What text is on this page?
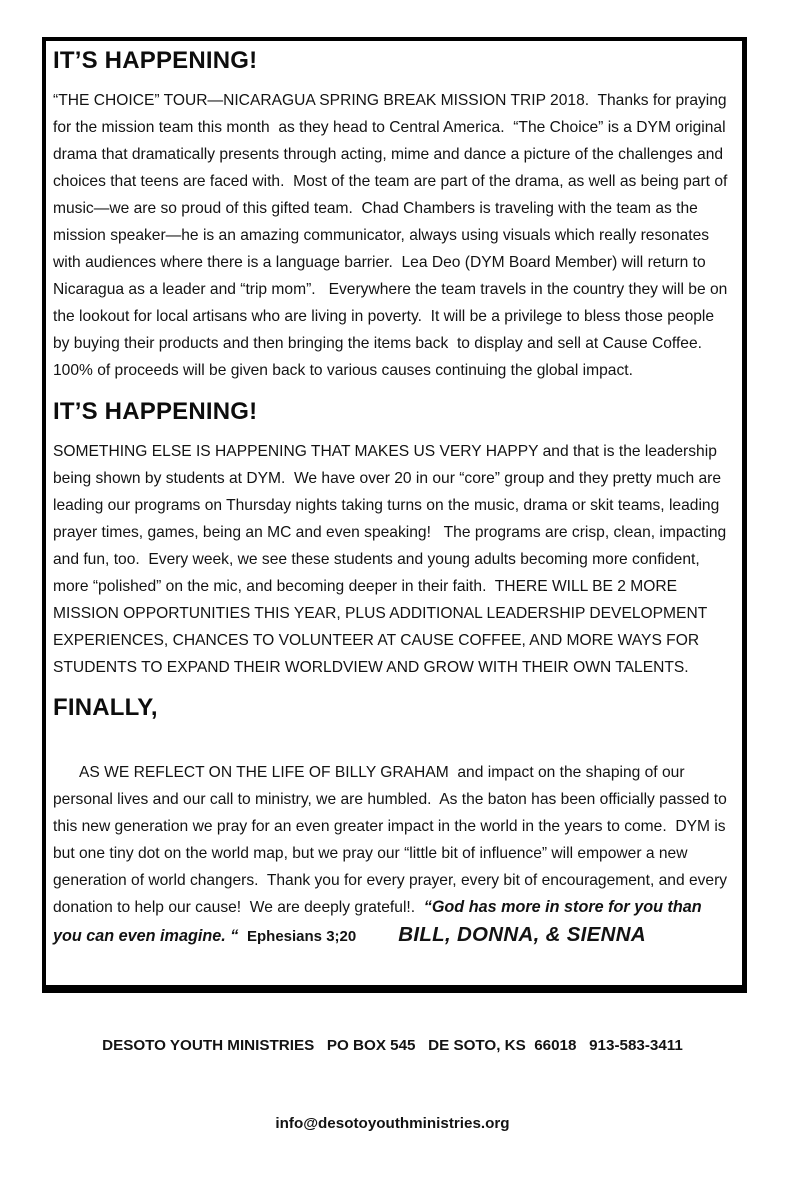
IT’S HAPPENING!

“THE CHOICE” TOUR—NICARAGUA SPRING BREAK MISSION TRIP 2018.  Thanks for praying for the mission team this month  as they head to Central America.  “The Choice” is a DYM original drama that dramatically presents through acting, mime and dance a picture of the challenges and choices that teens are faced with.  Most of the team are part of the drama, as well as being part of music—we are so proud of this gifted team.  Chad Chambers is traveling with the team as the mission speaker—he is an amazing communicator, always using visuals which really resonates with audiences where there is a language barrier.  Lea Deo (DYM Board Member) will return to Nicaragua as a leader and “trip mom”.   Everywhere the team travels in the country they will be on the lookout for local artisans who are living in poverty.  It will be a privilege to bless those people by buying their products and then bringing the items back  to display and sell at Cause Coffee.  100% of proceeds will be given back to various causes continuing the global impact.

IT’S HAPPENING!

SOMETHING ELSE IS HAPPENING THAT MAKES US VERY HAPPY and that is the leadership being shown by students at DYM.  We have over 20 in our “core” group and they pretty much are leading our programs on Thursday nights taking turns on the music, drama or skit teams, leading prayer times, games, being an MC and even speaking!   The programs are crisp, clean, impacting and fun, too.  Every week, we see these students and young adults becoming more confident, more “polished” on the mic, and becoming deeper in their faith.  THERE WILL BE 2 MORE MISSION OPPORTUNITIES THIS YEAR, PLUS ADDITIONAL LEADERSHIP DEVELOPMENT EXPERIENCES, CHANCES TO VOLUNTEER AT CAUSE COFFEE, AND MORE WAYS FOR STUDENTS TO EXPAND THEIR WORLDVIEW AND GROW WITH THEIR OWN TALENTS.

FINALLY,

AS WE REFLECT ON THE LIFE OF BILLY GRAHAM  and impact on the shaping of our personal lives and our call to ministry, we are humbled.  As the baton has been officially passed to this new generation we pray for an even greater impact in the world in the years to come.  DYM is but one tiny dot on the world map, but we pray our “little bit of influence” will empower a new generation of world changers.  Thank you for every prayer, every bit of encouragement, and every donation to help our cause!  We are deeply grateful!.  “God has more in store for you than you can even imagine. “  Ephesians 3;20 BILL, DONNA, & SIENNA

DESOTO YOUTH MINISTRIES   PO BOX 545   DE SOTO, KS  66018   913-583-3411

info@desotoyouthministries.org
